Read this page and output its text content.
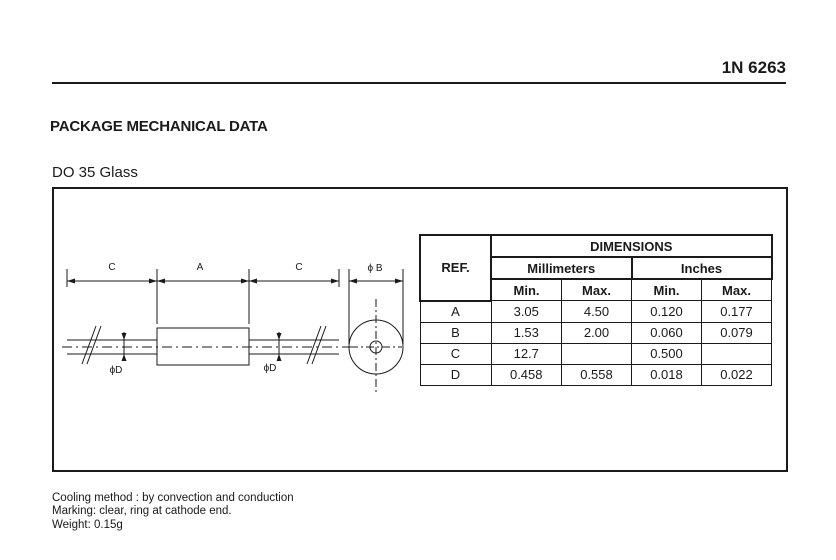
1N 6263
PACKAGE MECHANICAL DATA
DO 35 Glass
C	A	C	ϕ B
ϕD	ϕD
REF.	DIMENSIONS			
	Millimeters		Inches	
	Min.	Max.	Min.	Max.
A	3.05	4.50	0.120	0.177
B	1.53	2.00	0.060	0.079
C	12.7		0.500	
D	0.458	0.558	0.018	0.022
Cooling method : by convection and conduction
Marking: clear, ring at cathode end.
Weight: 0.15g
